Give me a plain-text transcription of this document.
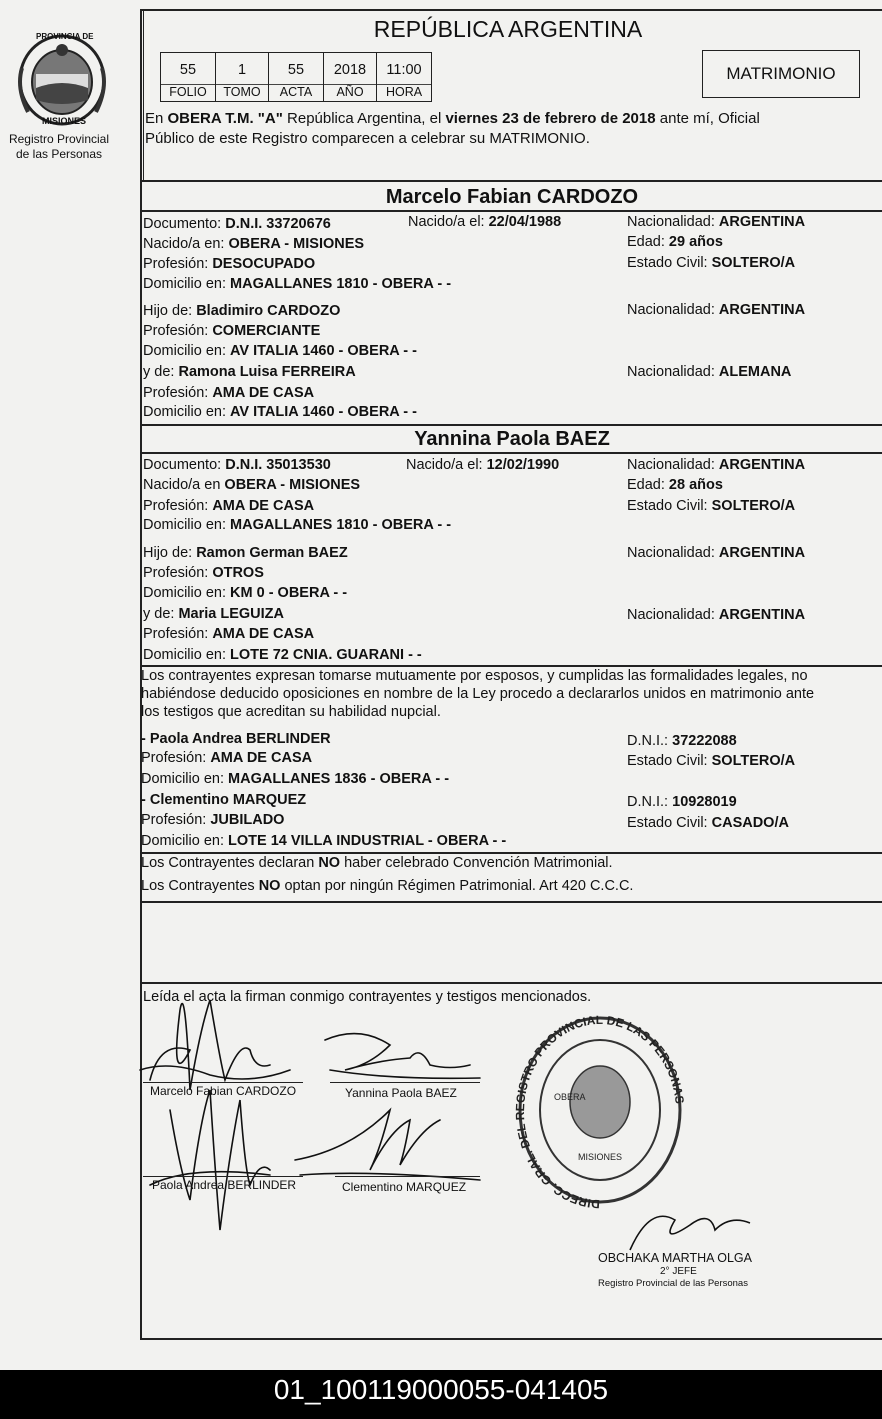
PROVINCIA DE
MISIONES
Registro Provincial
de las Personas
REPÚBLICA ARGENTINA
55	1	55	2018	11:00
FOLIO	TOMO	ACTA	AÑO	HORA
MATRIMONIO
En OBERA T.M. "A" República Argentina, el viernes 23 de febrero de 2018 ante mí, Oficial
Público de este Registro comparecen a celebrar su MATRIMONIO.
Marcelo Fabian CARDOZO
Documento: D.N.I. 33720676	Nacido/a el: 22/04/1988	Nacionalidad: ARGENTINA
Nacido/a en: OBERA - MISIONES	Edad: 29 años
Profesión: DESOCUPADO	Estado Civil: SOLTERO/A
Domicilio en: MAGALLANES 1810 - OBERA - -
Hijo de: Bladimiro CARDOZO	Nacionalidad: ARGENTINA
Profesión: COMERCIANTE
Domicilio en: AV ITALIA 1460 - OBERA - -
y de: Ramona Luisa FERREIRA	Nacionalidad: ALEMANA
Profesión: AMA DE CASA
Domicilio en: AV ITALIA 1460 - OBERA - -
Yannina Paola BAEZ
Documento: D.N.I. 35013530	Nacido/a el: 12/02/1990	Nacionalidad: ARGENTINA
Nacido/a en OBERA - MISIONES	Edad: 28 años
Profesión: AMA DE CASA	Estado Civil: SOLTERO/A
Domicilio en: MAGALLANES 1810 - OBERA - -
Hijo de: Ramon German BAEZ	Nacionalidad: ARGENTINA
Profesión: OTROS
Domicilio en: KM 0 - OBERA - -
y de: Maria LEGUIZA	Nacionalidad: ARGENTINA
Profesión: AMA DE CASA
Domicilio en: LOTE 72 CNIA. GUARANI - -
Los contrayentes expresan tomarse mutuamente por esposos, y cumplidas las formalidades legales, no
habiéndose deducido oposiciones en nombre de la Ley procedo a declararlos unidos en matrimonio ante
los testigos que acreditan su habilidad nupcial.
- Paola Andrea BERLINDER	D.N.I.: 37222088
Profesión: AMA DE CASA	Estado Civil: SOLTERO/A
Domicilio en: MAGALLANES 1836 - OBERA - -
- Clementino MARQUEZ	D.N.I.: 10928019
Profesión: JUBILADO	Estado Civil: CASADO/A
Domicilio en: LOTE 14 VILLA INDUSTRIAL - OBERA - -
Los Contrayentes declaran NO haber celebrado Convención Matrimonial.
Los Contrayentes NO optan por ningún Régimen Patrimonial. Art 420 C.C.C.
Leída el acta la firman conmigo contrayentes y testigos mencionados.
Marcelo Fabian CARDOZO	Yannina Paola BAEZ
Paola Andrea BERLINDER	Clementino MARQUEZ
DIRECC. GRAL. DEL REGISTRO PROVINCIAL DE LAS PERSONAS
OBERA
MISIONES
OBCHAKA MARTHA OLGA
2° JEFE
Registro Provincial de las Personas
01_100119000055-041405
